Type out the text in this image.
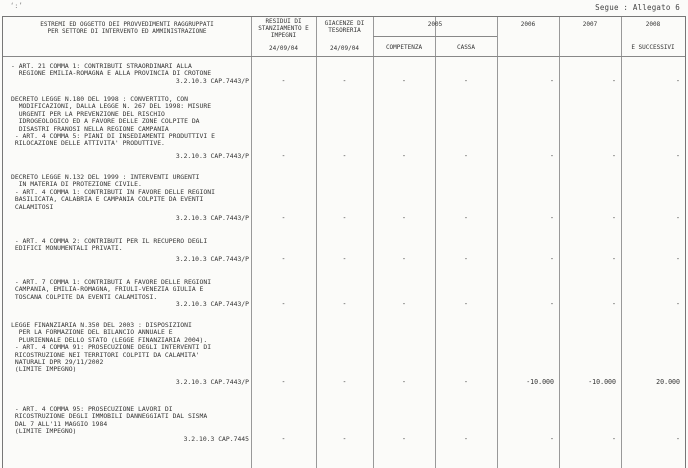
‘:’	Segue : Allegato 6
ESTREMI ED OGGETTO DEI PROVVEDIMENTI RAGGRUPPATI
PER SETTORE DI INTERVENTO ED AMMINISTRAZIONE
RESIDUI DI
STANZIAMENTO E
IMPEGNI
24/09/04
GIACENZE DI
TESORERIA
24/09/04
2005
COMPETENZA	CASSA
2006	2007	2008
E SUCCESSIVI
- ART. 21 COMMA 1: CONTRIBUTI STRAORDINARI ALLA
REGIONE EMILIA-ROMAGNA E ALLA PROVINCIA DI CROTONE
3.2.10.3 CAP.7443/P	-	-	-	-	-	-	-
DECRETO LEGGE N.180 DEL 1998 : CONVERTITO, CON
MODIFICAZIONI, DALLA LEGGE N. 267 DEL 1998: MISURE
URGENTI PER LA PREVENZIONE DEL RISCHIO
IDROGEOLOGICO ED A FAVORE DELLE ZONE COLPITE DA
DISASTRI FRANOSI NELLA REGIONE CAMPANIA
- ART. 4 COMMA 5: PIANI DI INSEDIAMENTI PRODUTTIVI E
RILOCAZIONE DELLE ATTIVITA' PRODUTTIVE.
3.2.10.3 CAP.7443/P	-	-	-	-	-	-	-
DECRETO LEGGE N.132 DEL 1999 : INTERVENTI URGENTI
IN MATERIA DI PROTEZIONE CIVILE.
- ART. 4 COMMA 1: CONTRIBUTI IN FAVORE DELLE REGIONI
BASILICATA, CALABRIA E CAMPANIA COLPITE DA EVENTI
CALAMITOSI
3.2.10.3 CAP.7443/P	-	-	-	-	-	-	-
- ART. 4 COMMA 2: CONTRIBUTI PER IL RECUPERO DEGLI
EDIFICI MONUMENTALI PRIVATI.
3.2.10.3 CAP.7443/P	-	-	-	-	-	-	-
- ART. 7 COMMA 1: CONTRIBUTI A FAVORE DELLE REGIONI
CAMPANIA, EMILIA-ROMAGNA, FRIULI-VENEZIA GIULIA E
TOSCANA COLPITE DA EVENTI CALAMITOSI.
3.2.10.3 CAP.7443/P	-	-	-	-	-	-	-
LEGGE FINANZIARIA N.350 DEL 2003 : DISPOSIZIONI
PER LA FORMAZIONE DEL BILANCIO ANNUALE E
PLURIENNALE DELLO STATO (LEGGE FINANZIARIA 2004).
- ART. 4 COMMA 91: PROSECUZIONE DEGLI INTERVENTI DI
RICOSTRUZIONE NEI TERRITORI COLPITI DA CALAMITA'
NATURALI DPR 29/11/2002
(LIMITE IMPEGNO)
3.2.10.3 CAP.7443/P	-	-	-	-	-10.000	-10.000	20.000
- ART. 4 COMMA 95: PROSECUZIONE LAVORI DI
RICOSTRUZIONE DEGLI IMMOBILI DANNEGGIATI DAL SISMA
DAL 7 ALL'11 MAGGIO 1984
(LIMITE IMPEGNO)
3.2.10.3 CAP.7445	-	-	-	-	-	-	-
